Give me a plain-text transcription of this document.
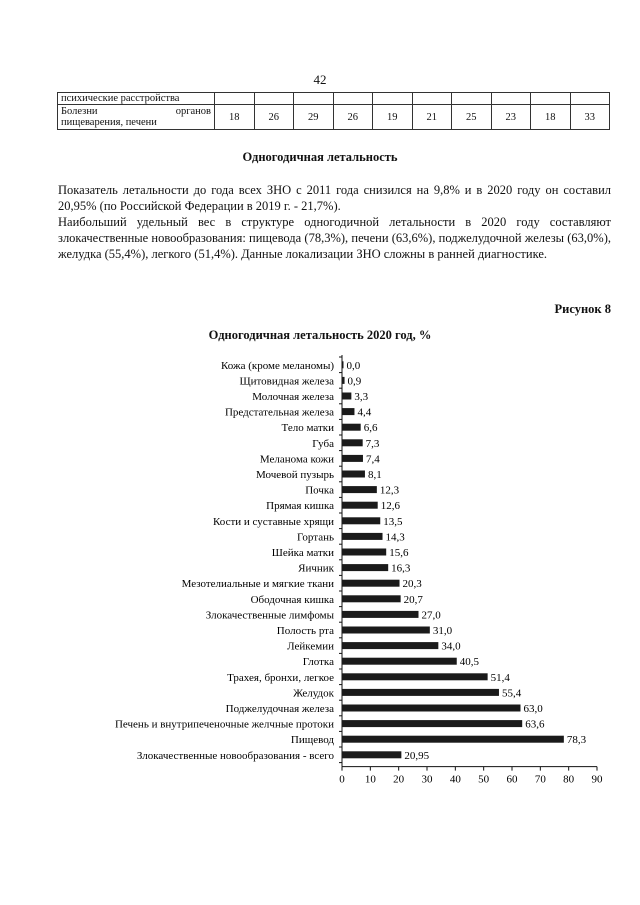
42
психические расстройства										

Болезни органов
пищеварения, печени	18	26	29	26	19	21	25	23	18	33
Одногодичная летальность

Показатель летальности до года всех ЗНО с 2011 года снизился на 9,8% и в 2020 году он составил 20,95% (по Российской Федерации в 2019 г. - 21,7%).

Наибольший удельный вес в структуре одногодичной летальности в 2020 году составляют злокачественные новообразования: пищевода (78,3%), печени (63,6%), поджелудочной железы (63,0%), желудка (55,4%), легкого (51,4%). Данные локализации ЗНО сложны в ранней диагностике.

Рисунок 8
Одногодичная летальность 2020 год, %
Кожа (кроме меланомы) 0,0
Щитовидная железа 0,9
Молочная железа 3,3
Предстательная железа 4,4
Тело матки	6,6
Губа	7,3
Меланома кожи	7,4
Мочевой пузырь	8,1
Почка	12,3
Прямая кишка	12,6
Кости и суставные хрящи	13,5
Гортань	14,3
Шейка матки	15,6
Яичник	16,3
Мезотелиальные и мягкие ткани	20,3
Ободочная кишка	20,7
Злокачественные лимфомы	27,0
Полость рта	31,0
Лейкемии	34,0
Глотка	40,5
Трахея, бронхи, легкое	51,4
Желудок	55,4
Поджелудочная железа	63,0
Печень и внутрипеченочные желчные протоки	63,6
Пищевод	78,3
Злокачественные новообразования - всего	20,95
0 10 20 30 40 50 60 70 80 90
